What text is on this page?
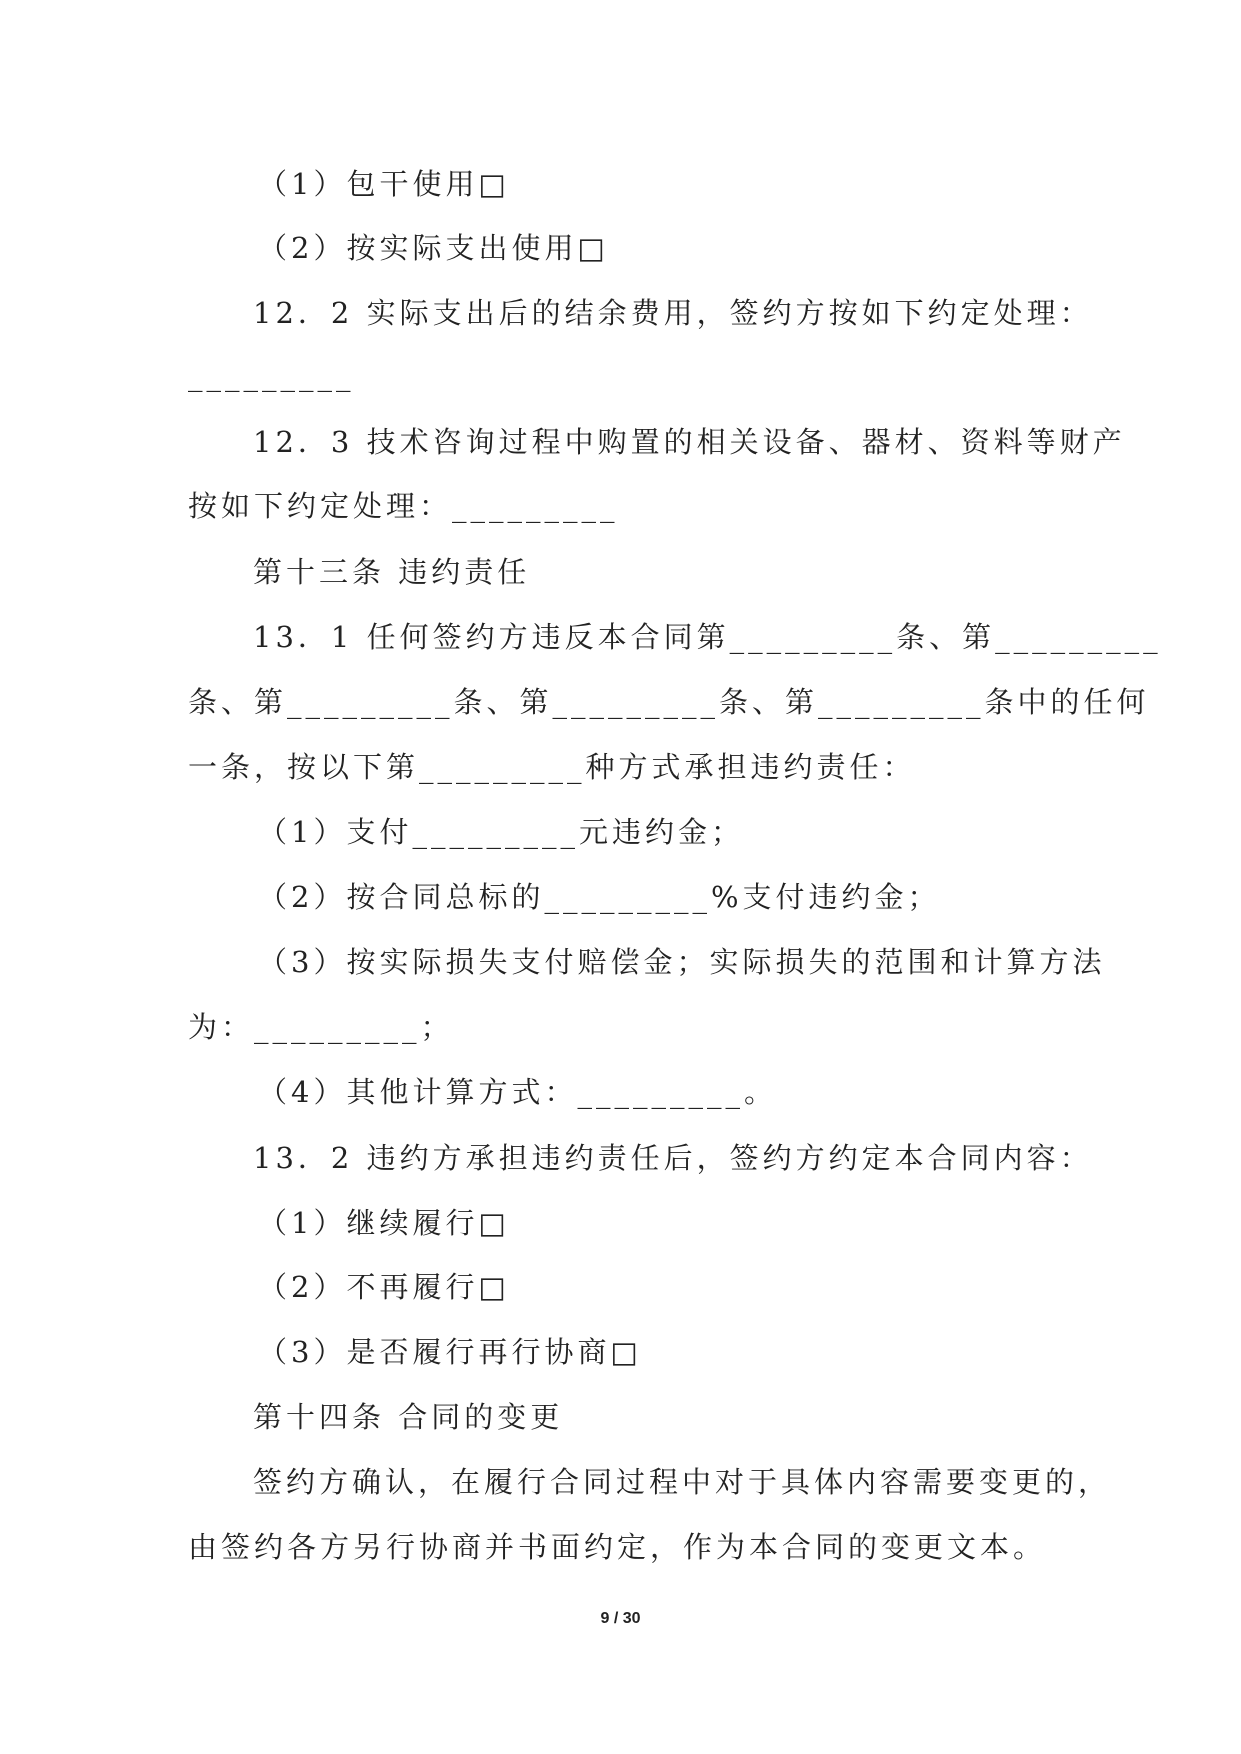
（1）包干使用□
（2）按实际支出使用□
12．2 实际支出后的结余费用，签约方按如下约定处理：
_________
12．3 技术咨询过程中购置的相关设备、器材、资料等财产
按如下约定处理：_________
第十三条 违约责任
13．1 任何签约方违反本合同第_________条、第_________
条、第_________条、第_________条、第_________条中的任何
一条，按以下第_________种方式承担违约责任：
（1）支付_________元违约金；
（2）按合同总标的_________%支付违约金；
（3）按实际损失支付赔偿金；实际损失的范围和计算方法
为：_________；
（4）其他计算方式：_________。
13．2 违约方承担违约责任后，签约方约定本合同内容：
（1）继续履行□
（2）不再履行□
（3）是否履行再行协商□
第十四条 合同的变更
签约方确认，在履行合同过程中对于具体内容需要变更的，
由签约各方另行协商并书面约定，作为本合同的变更文本。
9 / 30
